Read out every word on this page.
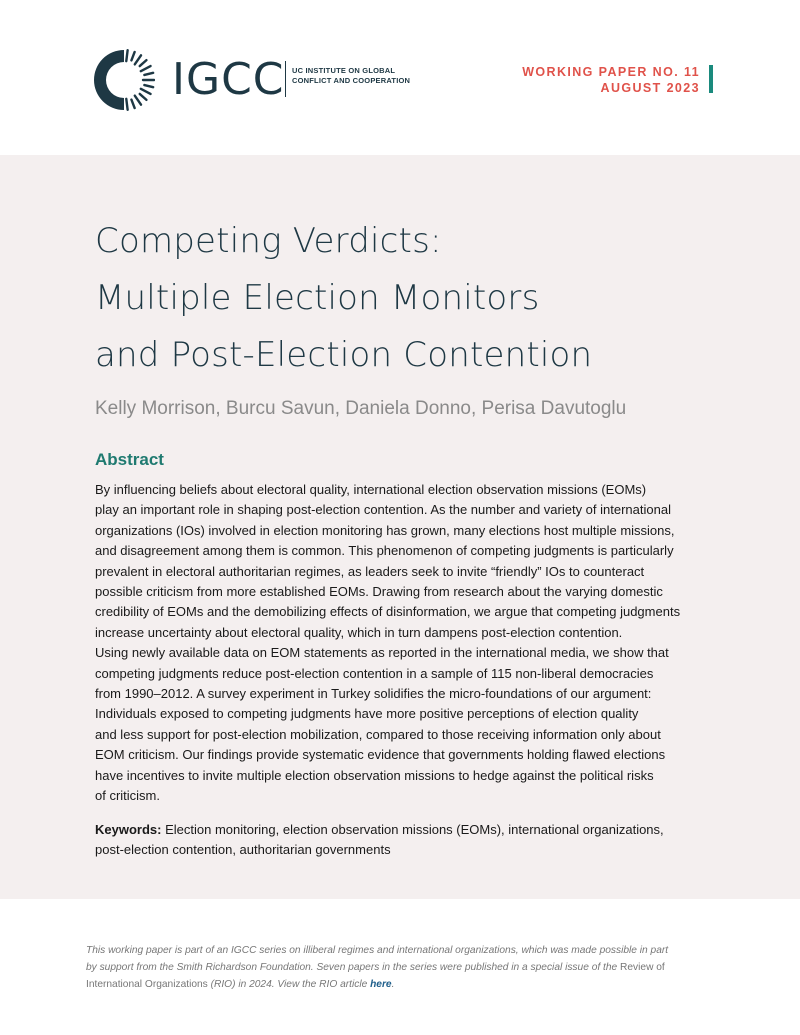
IGCC UC INSTITUTE ON GLOBAL
CONFLICT AND COOPERATION
WORKING PAPER NO. 11
AUGUST 2023
Competing Verdicts:
Multiple Election Monitors
and Post-Election Contention
Kelly Morrison, Burcu Savun, Daniela Donno, Perisa Davutoglu
Abstract
By influencing beliefs about electoral quality, international election observation missions (EOMs)
play an important role in shaping post-election contention. As the number and variety of international
organizations (IOs) involved in election monitoring has grown, many elections host multiple missions,
and disagreement among them is common. This phenomenon of competing judgments is particularly
prevalent in electoral authoritarian regimes, as leaders seek to invite “friendly” IOs to counteract
possible criticism from more established EOMs. Drawing from research about the varying domestic
credibility of EOMs and the demobilizing effects of disinformation, we argue that competing judgments
increase uncertainty about electoral quality, which in turn dampens post-election contention.
Using newly available data on EOM statements as reported in the international media, we show that
competing judgments reduce post-election contention in a sample of 115 non-liberal democracies
from 1990–2012. A survey experiment in Turkey solidifies the micro-foundations of our argument:
Individuals exposed to competing judgments have more positive perceptions of election quality
and less support for post-election mobilization, compared to those receiving information only about
EOM criticism. Our findings provide systematic evidence that governments holding flawed elections
have incentives to invite multiple election observation missions to hedge against the political risks
of criticism.
Keywords: Election monitoring, election observation missions (EOMs), international organizations,
post-election contention, authoritarian governments
This working paper is part of an IGCC series on illiberal regimes and international organizations, which was made possible in part
by support from the Smith Richardson Foundation. Seven papers in the series were published in a special issue of the Review of
International Organizations (RIO) in 2024. View the RIO article here.
